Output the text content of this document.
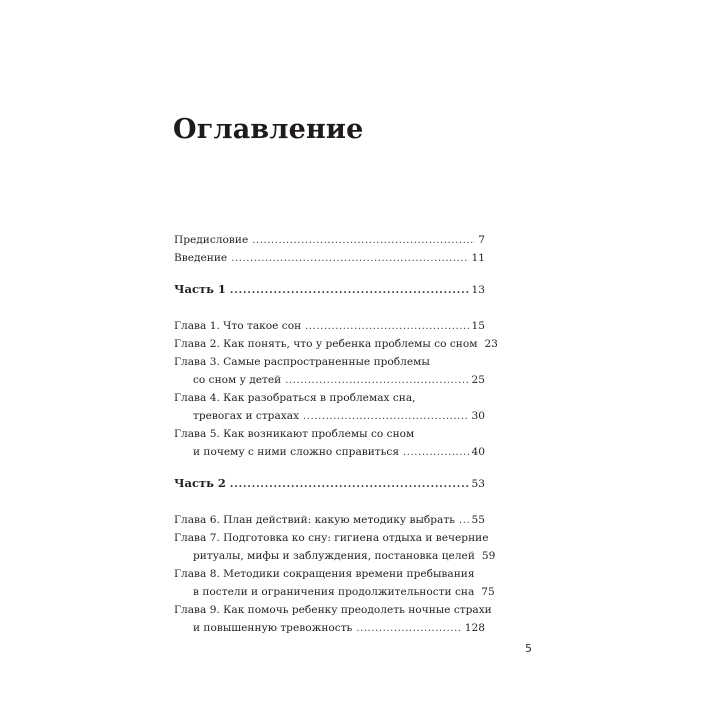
Оглавление
Предисловие . . .	7
Введение . . .	11
Часть 1 . . .	13
Глава 1. Что такое сон . . .	15
Глава 2. Как понять, что у ребенка проблемы со сном 23
Глава 3. Самые распространенные проблемы
со сном у детей . . .	25
Глава 4. Как разобраться в проблемах сна,
тревогах и страхах . . .	30
Глава 5. Как возникают проблемы со сном
и почему с ними сложно справиться . . .	40
Часть 2 . . .	53
Глава 6. План действий: какую методику выбрать . . . 55
Глава 7. Подготовка ко сну: гигиена отдыха и вечерние
ритуалы, мифы и заблуждения, постановка целей 59
Глава 8. Методики сокращения времени пребывания
в постели и ограничения продолжительности сна 75
Глава 9. Как помочь ребенку преодолеть ночные страхи
и повышенную тревожность . . .	128
5
